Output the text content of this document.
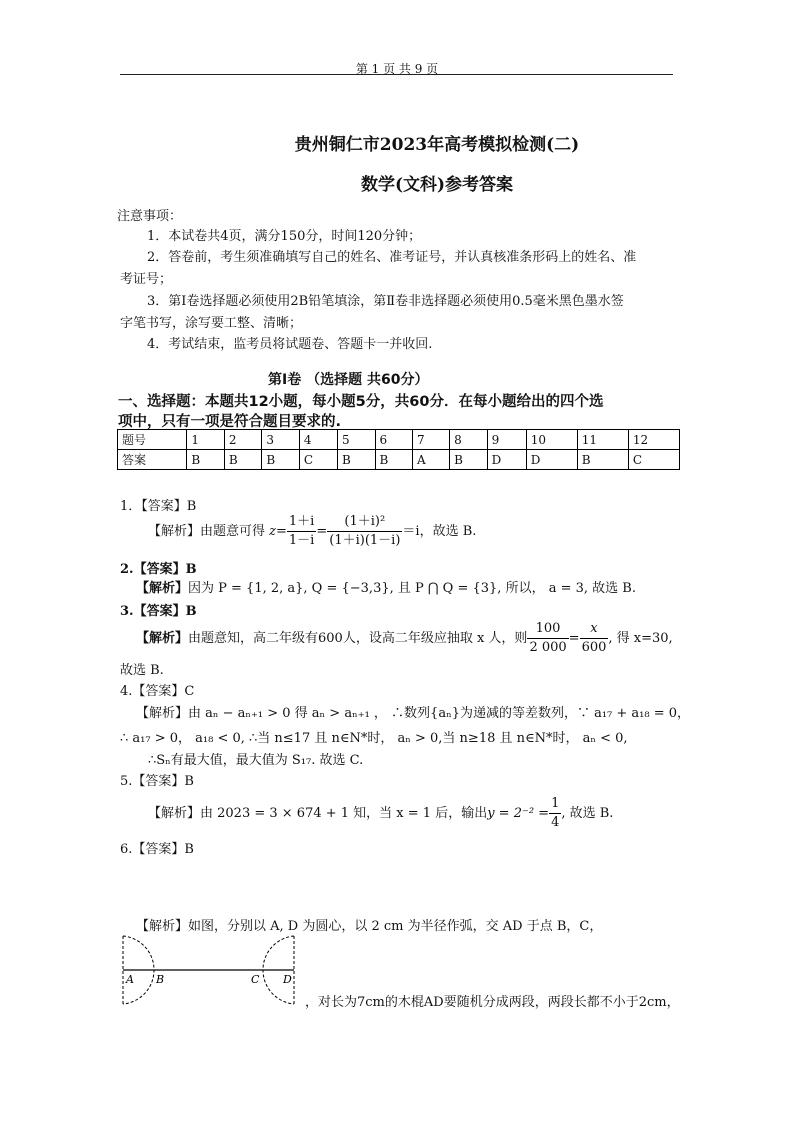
第 1 页 共 9 页
贵州铜仁市2023年高考模拟检测(二)
数学(文科)参考答案
注意事项：
1．本试卷共4页，满分150分，时间120分钟；
2．答卷前，考生须准确填写自己的姓名、准考证号，并认真核准条形码上的姓名、准
考证号；
3．第Ⅰ卷选择题必须使用2B铅笔填涂，第Ⅱ卷非选择题必须使用0.5毫米黑色墨水签
字笔书写，涂写要工整、清晰；
4．考试结束，监考员将试题卷、答题卡一并收回.
第Ⅰ卷 （选择题 共60分）
一、选择题：本题共12小题，每小题5分，共60分．在每小题给出的四个选
项中，只有一项是符合题目要求的.
题号	1	2	3	4	5	6	7	8	9	10	11	12
答案	B	B	B	C	B	B	A	B	D	D	B	C
1．【答案】B
【解析】由题意可得 $z= \frac{1+i}{1-i} = \frac{\text{(1＋i)²}}{(1+i)(1-i)} =i$，故选 B.
2.【答案】B
【解析】因为 P = {1, 2, a}, Q = {−3,3}, 且 P ⋂ Q = {3}, 所以， a = 3, 故选 B.
3.【答案】B
【解析】由题意知，高二年级有600人，设高二年级应抽取 x 人，则 $\frac{100}{2 000} = \frac{x}{600}$ , 得 x=30,
故选 B.
4.【答案】C
【解析】由 aₙ − aₙ₊₁ > 0 得 aₙ > aₙ₊₁ ， ∴数列{aₙ}为递减的等差数列，∵ a₁₇ + a₁₈ = 0，
∴ a₁₇ > 0， a₁₈ < 0, ∴当 n≤17 且 n∈N*时， aₙ > 0,当 n≥18 且 n∈N*时， aₙ < 0,
∴Sₙ有最大值，最大值为 S₁₇. 故选 C.
5.【答案】B
【解析】由 2023 = 3 × 674 + 1 知，当 x = 1 后，输出$y = 2^{-2} = \frac{1}{4}$ , 故选 B.
6.【答案】B
【解析】如图，分别以 A, D 为圆心，以 2 cm 为半径作弧，交 AD 于点 B，C，
A B	C D
，对长为7cm的木棍AD要随机分成两段，两段长都不小于2cm，
